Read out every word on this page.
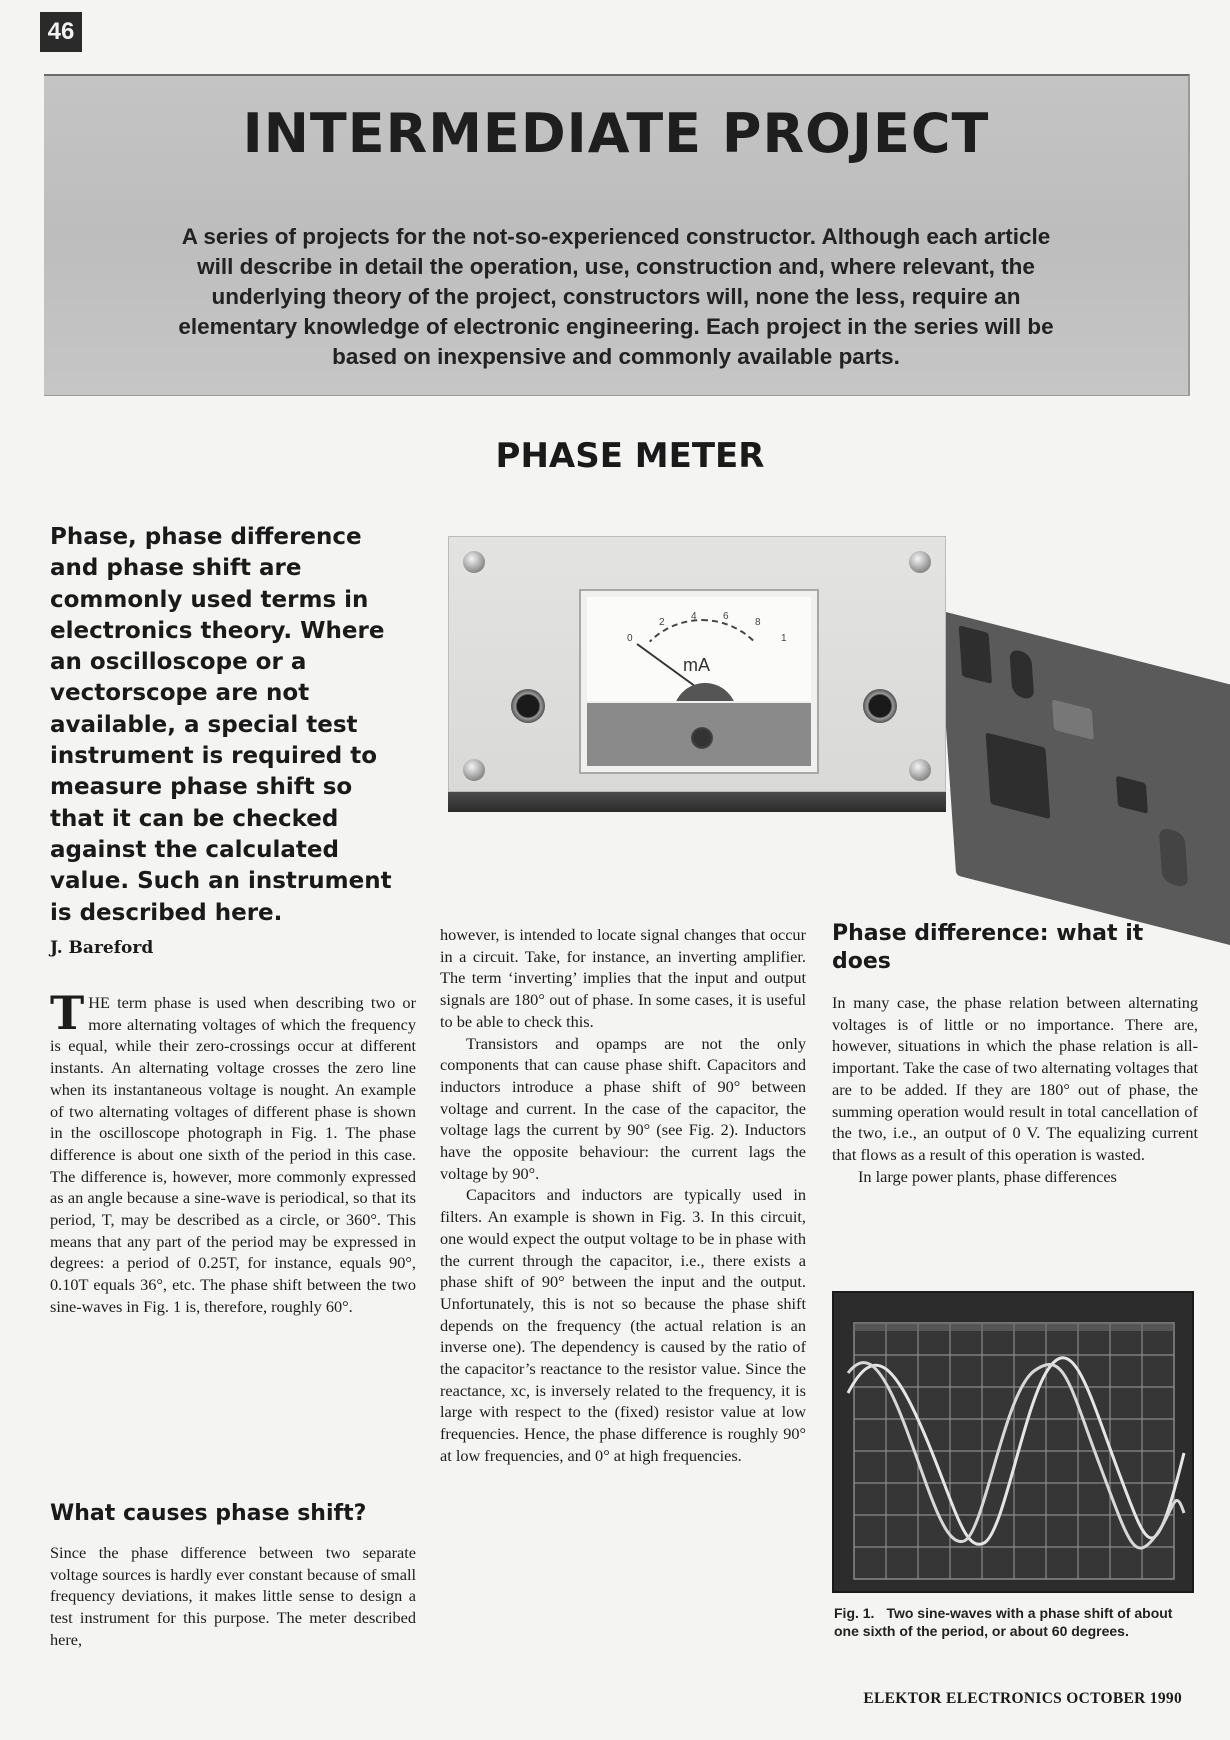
46
INTERMEDIATE PROJECT
A series of projects for the not-so-experienced constructor. Although each article
will describe in detail the operation, use, construction and, where relevant, the
underlying theory of the project, constructors will, none the less, require an
elementary knowledge of electronic engineering. Each project in the series will be
based on inexpensive and commonly available parts.
PHASE METER
Phase, phase difference and phase shift are commonly used terms in electronics theory. Where an oscilloscope or a vectorscope are not available, a special test instrument is required to measure phase shift so that it can be checked against the calculated value. Such an instrument is described here.
0
2
4	6
8
1
mA
J. Bareford

THE term phase is used when describing two or more alternating voltages of which the frequency is equal, while their zero-crossings occur at different instants. An alternating voltage crosses the zero line when its instantaneous voltage is nought. An example of two alternating voltages of different phase is shown in the oscilloscope photograph in Fig. 1. The phase difference is about one sixth of the period in this case. The difference is, however, more commonly expressed as an angle because a sine-wave is periodical, so that its period, T, may be described as a circle, or 360°. This means that any part of the period may be expressed in degrees: a period of 0.25T, for instance, equals 90°, 0.10T equals 36°, etc. The phase shift between the two sine-waves in Fig. 1 is, therefore, roughly 60°.

What causes phase shift?

Since the phase difference between two separate voltage sources is hardly ever constant because of small frequency deviations, it makes little sense to design a test instrument for this purpose. The meter described here,

however, is intended to locate signal changes that occur in a circuit. Take, for instance, an inverting amplifier. The term ‘inverting’ implies that the input and output signals are 180° out of phase. In some cases, it is useful to be able to check this.

Transistors and opamps are not the only components that can cause phase shift. Capacitors and inductors introduce a phase shift of 90° between voltage and current. In the case of the capacitor, the voltage lags the current by 90° (see Fig. 2). Inductors have the opposite behaviour: the current lags the voltage by 90°.

Capacitors and inductors are typically used in filters. An example is shown in Fig. 3. In this circuit, one would expect the output voltage to be in phase with the current through the capacitor, i.e., there exists a phase shift of 90° between the input and the output. Unfortunately, this is not so because the phase shift depends on the frequency (the actual relation is an inverse one). The dependency is caused by the ratio of the capacitor’s reactance to the resistor value. Since the reactance, xc, is inversely related to the frequency, it is large with respect to the (fixed) resistor value at low frequencies. Hence, the phase difference is roughly 90° at low frequencies, and 0° at high frequencies.

Phase difference: what it does

In many case, the phase relation between alternating voltages is of little or no importance. There are, however, situations in which the phase relation is all-important. Take the case of two alternating voltages that are to be added. If they are 180° out of phase, the summing operation would result in total cancellation of the two, i.e., an output of 0 V. The equalizing current that flows as a result of this operation is wasted.

In large power plants, phase differences

Fig. 1. Two sine-waves with a phase shift of about one sixth of the period, or about 60 degrees.
ELEKTOR ELECTRONICS OCTOBER 1990
